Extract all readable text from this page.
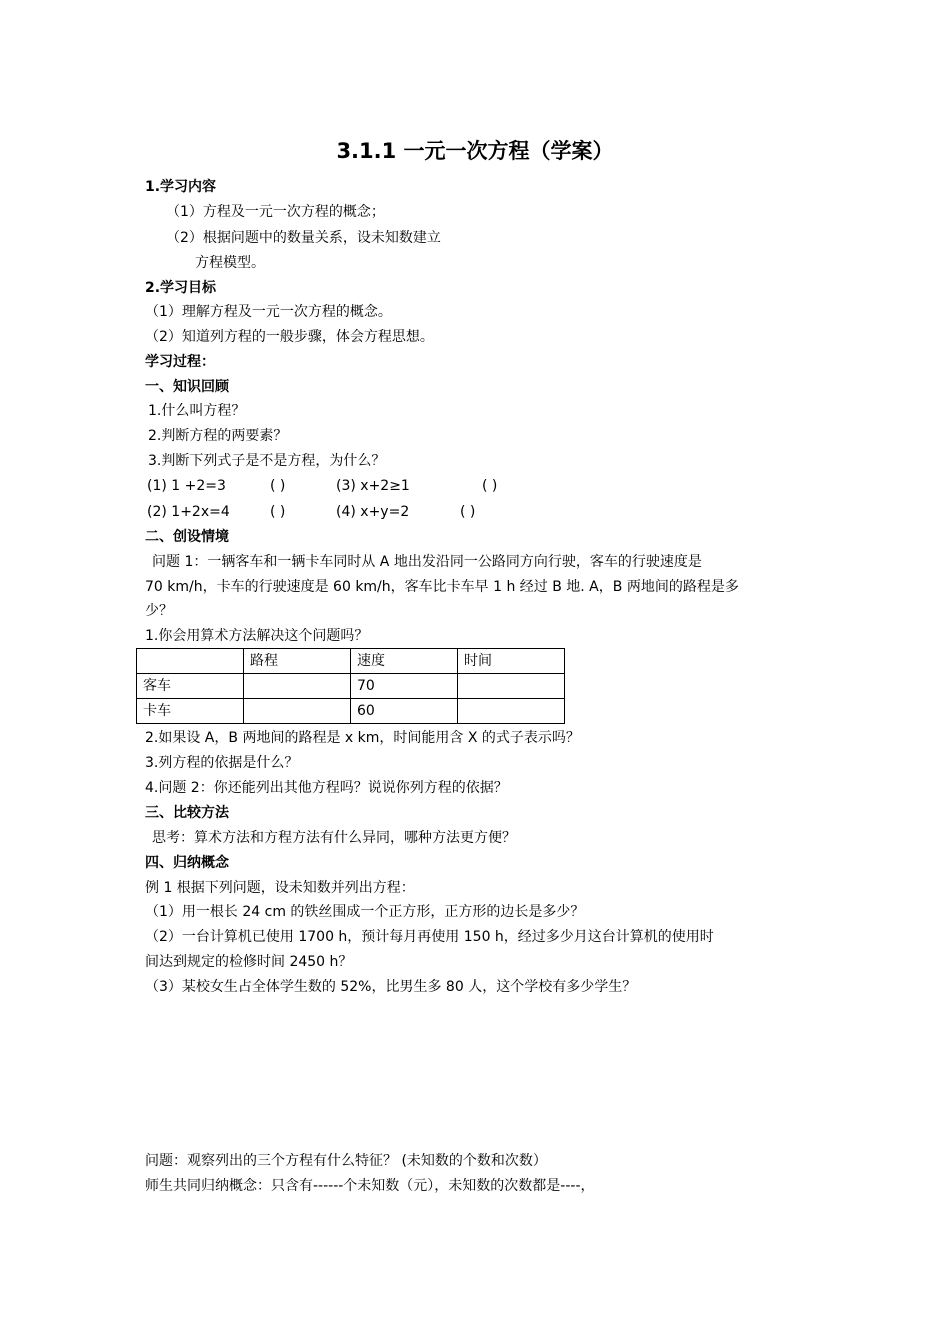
3.1.1 一元一次方程（学案）
1.学习内容
（1）方程及一元一次方程的概念；
（2）根据问题中的数量关系，设未知数建立
方程模型。
2.学习目标
（1）理解方程及一元一次方程的概念。
（2）知道列方程的一般步骤，体会方程思想。
学习过程：
一、知识回顾
1.什么叫方程？
2.判断方程的两要素？
3.判断下列式子是不是方程，为什么？
(1) 1 +2=3	( )	(3) x+2≥1	( )
(2) 1+2x=4	( )	(4) x+y=2	( )
二、创设情境
问题 1：一辆客车和一辆卡车同时从 A 地出发沿同一公路同方向行驶，客车的行驶速度是
70 km/h，卡车的行驶速度是 60 km/h，客车比卡车早 1 h 经过 B 地. A，B 两地间的路程是多
少？
1.你会用算术方法解决这个问题吗？
	路程	速度	时间
客车		70	
卡车		60	
2.如果设 A，B 两地间的路程是 x km，时间能用含 X 的式子表示吗？
3.列方程的依据是什么？
4.问题 2：你还能列出其他方程吗？说说你列方程的依据？
三、比较方法
思考：算术方法和方程方法有什么异同，哪种方法更方便？
四、归纳概念
例 1 根据下列问题，设未知数并列出方程：
（1）用一根长 24 cm 的铁丝围成一个正方形，正方形的边长是多少？
（2）一台计算机已使用 1700 h，预计每月再使用 150 h，经过多少月这台计算机的使用时
间达到规定的检修时间 2450 h？
（3）某校女生占全体学生数的 52%，比男生多 80 人，这个学校有多少学生？
问题：观察列出的三个方程有什么特征？ (未知数的个数和次数）
师生共同归纳概念：只含有------个未知数（元），未知数的次数都是----，
